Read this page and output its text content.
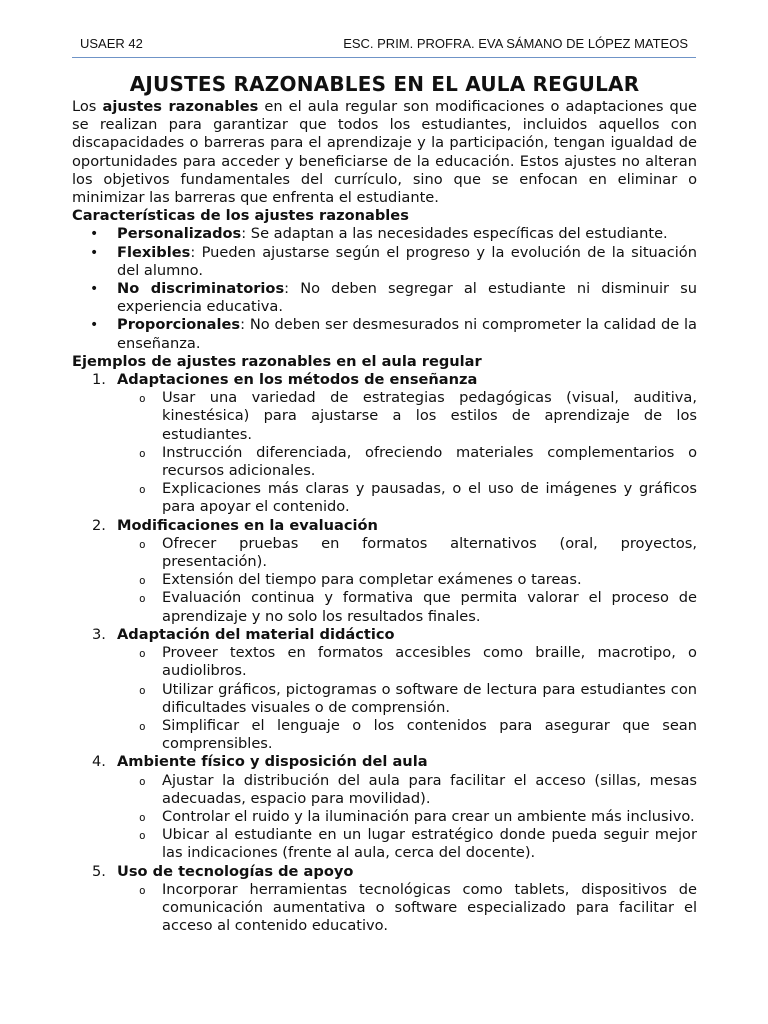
USAER 42	ESC. PRIM. PROFRA. EVA SÁMANO DE LÓPEZ MATEOS
AJUSTES RAZONABLES EN EL AULA REGULAR

Los ajustes razonables en el aula regular son modificaciones o adaptaciones que se realizan para garantizar que todos los estudiantes, incluidos aquellos con discapacidades o barreras para el aprendizaje y la participación, tengan igualdad de oportunidades para acceder y beneficiarse de la educación. Estos ajustes no alteran los objetivos fundamentales del currículo, sino que se enfocan en eliminar o minimizar las barreras que enfrenta el estudiante.

Características de los ajustes razonables
• Personalizados: Se adaptan a las necesidades específicas del estudiante.
• Flexibles: Pueden ajustarse según el progreso y la evolución de la situación del alumno.
• No discriminatorios: No deben segregar al estudiante ni disminuir su experiencia educativa.
• Proporcionales: No deben ser desmesurados ni comprometer la calidad de la enseñanza.
Ejemplos de ajustes razonables en el aula regular
1. Adaptaciones en los métodos de enseñanza
o Usar una variedad de estrategias pedagógicas (visual, auditiva, kinestésica) para ajustarse a los estilos de aprendizaje de los estudiantes.
o Instrucción diferenciada, ofreciendo materiales complementarios o recursos adicionales.
o Explicaciones más claras y pausadas, o el uso de imágenes y gráficos para apoyar el contenido.
2. Modificaciones en la evaluación
o Ofrecer pruebas en formatos alternativos (oral, proyectos, presentación).
o Extensión del tiempo para completar exámenes o tareas.
o Evaluación continua y formativa que permita valorar el proceso de aprendizaje y no solo los resultados finales.
3. Adaptación del material didáctico
o Proveer textos en formatos accesibles como braille, macrotipo, o audiolibros.
o Utilizar gráficos, pictogramas o software de lectura para estudiantes con dificultades visuales o de comprensión.
o Simplificar el lenguaje o los contenidos para asegurar que sean comprensibles.
4. Ambiente físico y disposición del aula
o Ajustar la distribución del aula para facilitar el acceso (sillas, mesas adecuadas, espacio para movilidad).
o Controlar el ruido y la iluminación para crear un ambiente más inclusivo.
o Ubicar al estudiante en un lugar estratégico donde pueda seguir mejor las indicaciones (frente al aula, cerca del docente).
5. Uso de tecnologías de apoyo
o Incorporar herramientas tecnológicas como tablets, dispositivos de comunicación aumentativa o software especializado para facilitar el acceso al contenido educativo.
